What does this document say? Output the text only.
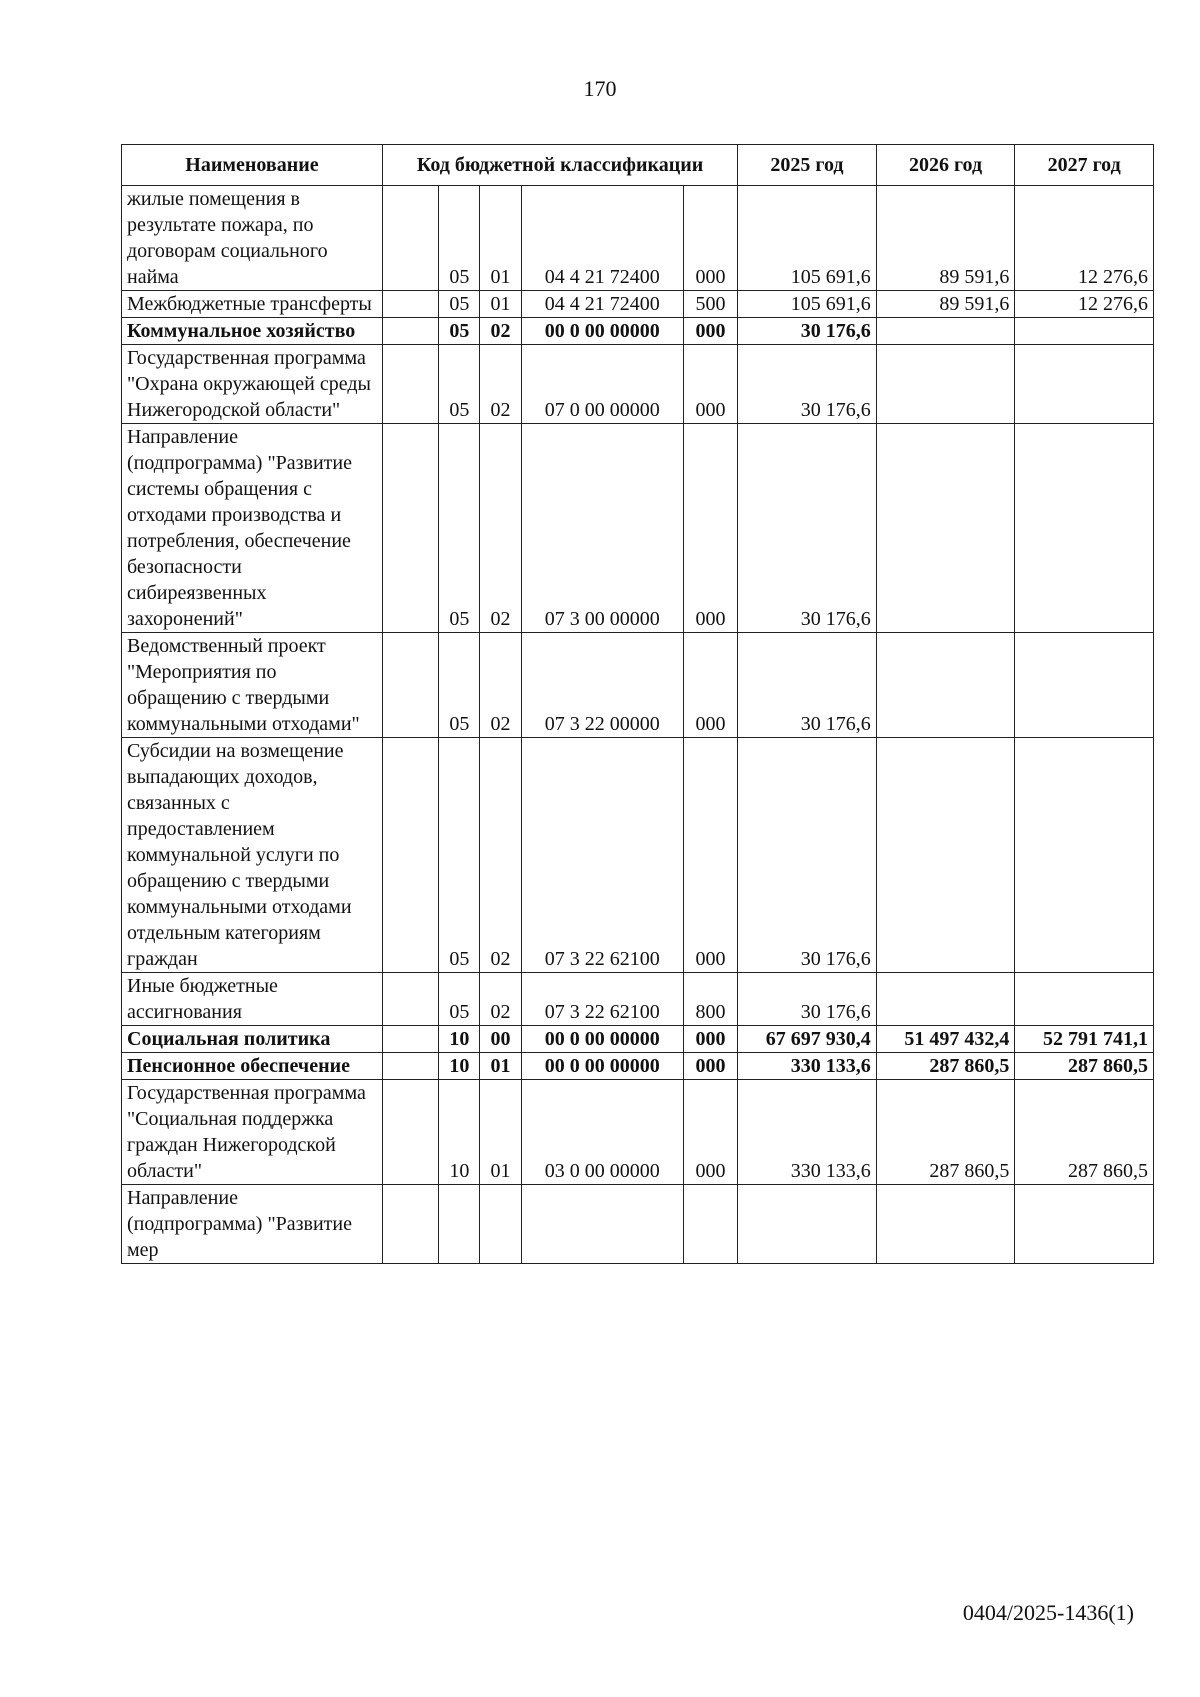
170
Наименование	Код бюджетной классификации					2025 год	2026 год	2027 год
жилые помещения в результате пожара, по договорам социального найма		05	01	04 4 21 72400	000	105 691,6	89 591,6	12 276,6
Межбюджетные трансферты		05	01	04 4 21 72400	500	105 691,6	89 591,6	12 276,6
Коммунальное хозяйство		05	02	00 0 00 00000	000	30 176,6		
Государственная программа "Охрана окружающей среды Нижегородской области"		05	02	07 0 00 00000	000	30 176,6		
Направление (подпрограмма) "Развитие системы обращения с отходами производства и потребления, обеспечение безопасности сибиреязвенных захоронений"		05	02	07 3 00 00000	000	30 176,6		
Ведомственный проект "Мероприятия по обращению с твердыми коммунальными отходами"		05	02	07 3 22 00000	000	30 176,6		
Субсидии на возмещение выпадающих доходов, связанных с предоставлением коммунальной услуги по обращению с твердыми коммунальными отходами отдельным категориям граждан		05	02	07 3 22 62100	000	30 176,6		
Иные бюджетные ассигнования		05	02	07 3 22 62100	800	30 176,6		
Социальная политика		10	00	00 0 00 00000	000	67 697 930,4	51 497 432,4	52 791 741,1
Пенсионное обеспечение		10	01	00 0 00 00000	000	330 133,6	287 860,5	287 860,5
Государственная программа "Социальная поддержка граждан Нижегородской области"		10	01	03 0 00 00000	000	330 133,6	287 860,5	287 860,5
Направление (подпрограмма) "Развитие мер								
0404/2025-1436(1)
